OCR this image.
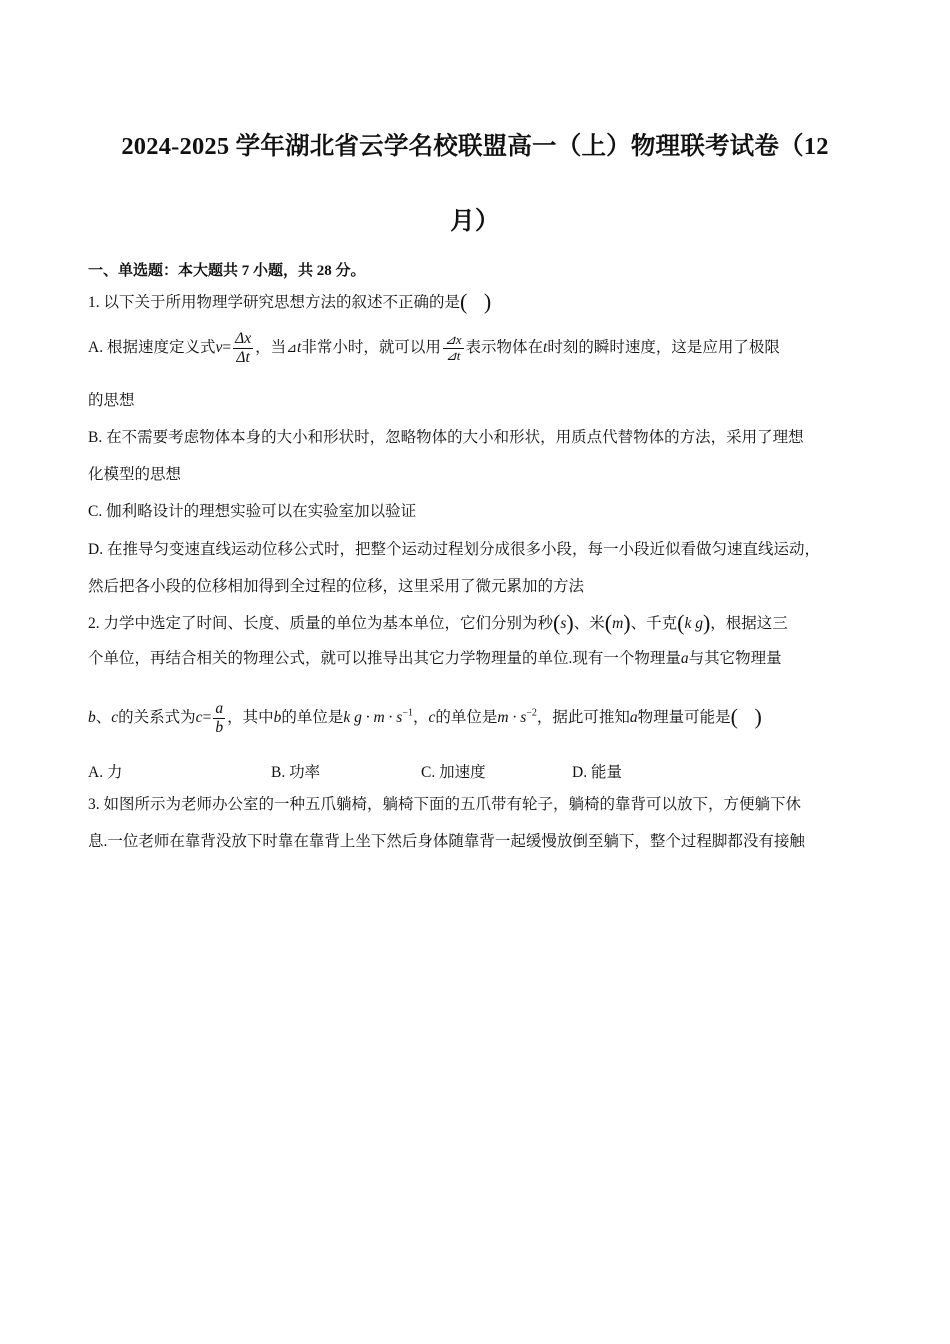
2024-2025 学年湖北省云学名校联盟高一（上）物理联考试卷（12
月）
一、单选题：本大题共 7 小题，共 28 分。
1. 以下关于所用物理学研究思想方法的叙述不正确的是(   )
A. 根据速度定义式$v= \frac{\Delta x}{\Delta t}$ ，当⊿t非常小时，就可以用 $\frac{⊿x}{⊿t}$ 表示物体在t时刻的瞬时速度，这是应用了极限
的思想
B. 在不需要考虑物体本身的大小和形状时，忽略物体的大小和形状，用质点代替物体的方法，采用了理想
化模型的思想
C. 伽利略设计的理想实验可以在实验室加以验证
D. 在推导匀变速直线运动位移公式时，把整个运动过程划分成很多小段，每一小段近似看做匀速直线运动，
然后把各小段的位移相加得到全过程的位移，这里采用了微元累加的方法
2. 力学中选定了时间、长度、质量的单位为基本单位，它们分别为秒(s)、米(m)、千克(k g)，根据这三
个单位，再结合相关的物理公式，就可以推导出其它力学物理量的单位.现有一个物理量a与其它物理量
b、c的关系式为$c= \frac{a}{b}$ ，其中b的单位是k $g \cdot m \cdot s^{-1}$，c的单位是$m \cdot s^{-2}$，据此可推知a物理量可能是(   )
A. 力	B. 功率	C. 加速度	D. 能量
3. 如图所示为老师办公室的一种五爪躺椅，躺椅下面的五爪带有轮子，躺椅的靠背可以放下，方便躺下休
息.一位老师在靠背没放下时靠在靠背上坐下然后身体随靠背一起缓慢放倒至躺下，整个过程脚都没有接触
